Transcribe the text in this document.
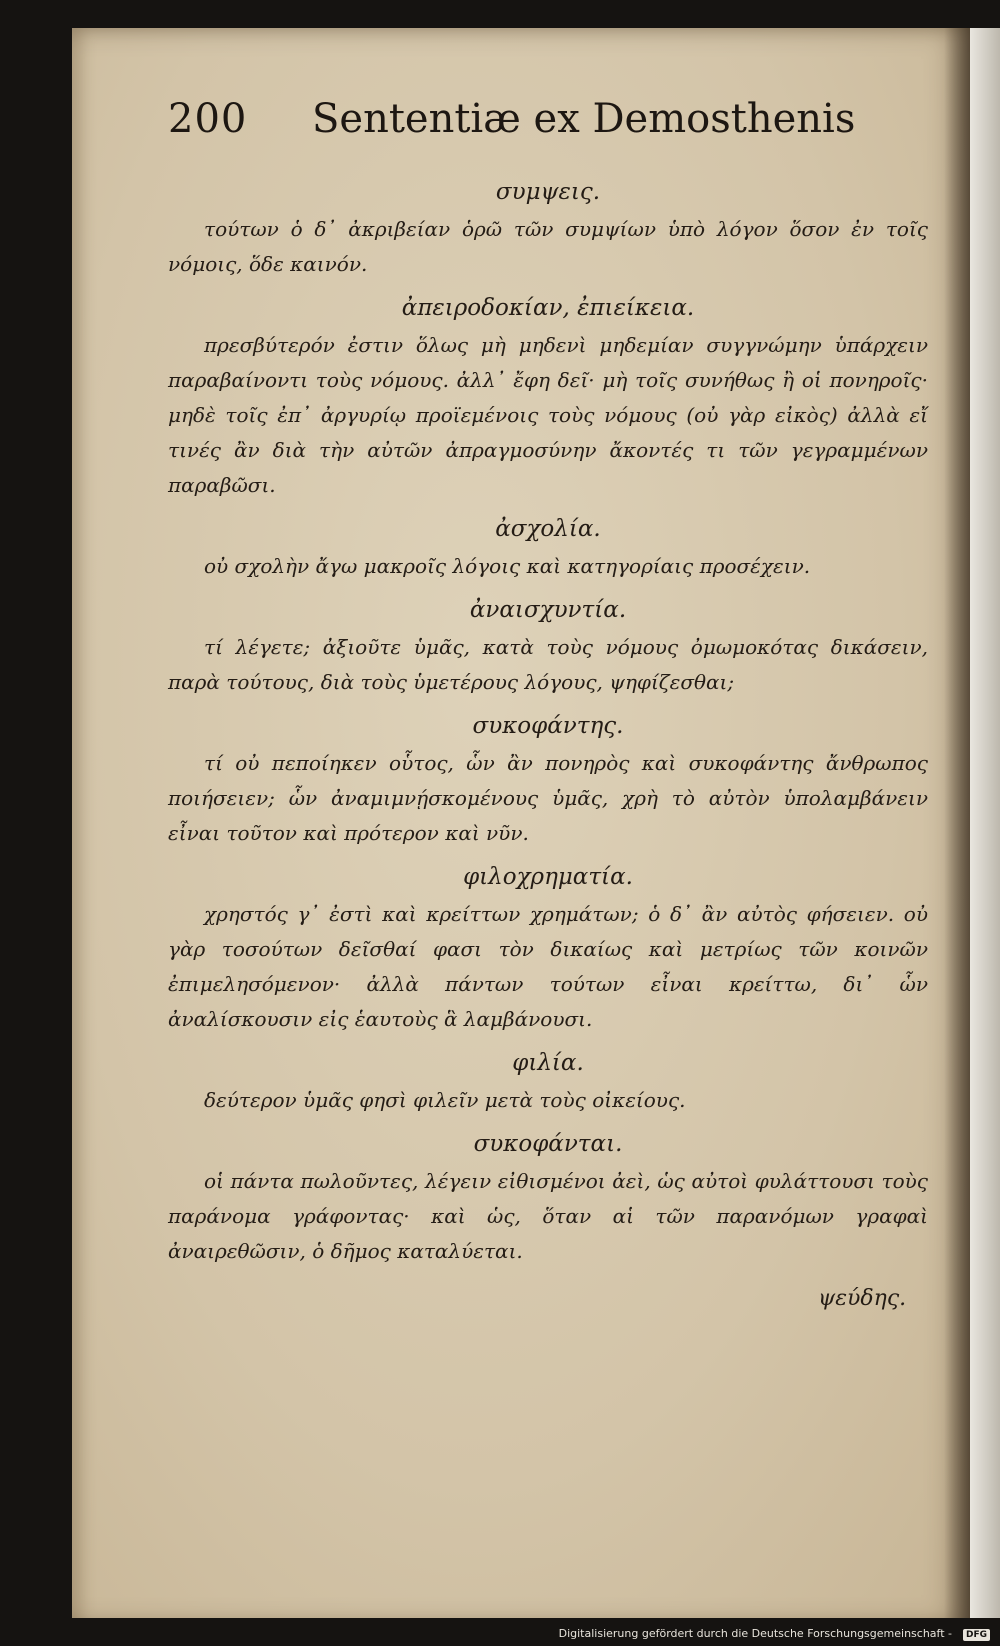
200 Sententiæ ex Demosthenis
συμψεις.

τούτων ὁ δ᾽ ἀκριβείαν ὁρῶ τῶν συμψίων ὑπὸ λόγον ὅσον ἐν τοῖς νόμοις, ὅδε καινόν.

ἀπειροδοκίαν, ἐπιείκεια.

πρεσβύτερόν ἐστιν ὅλως μὴ μηδενὶ μηδεμίαν συγγνώμην ὑπάρχειν παραβαίνοντι τοὺς νόμους. ἀλλ᾽ ἔφη δεῖ· μὴ τοῖς συνήθως ἢ οἱ πονηροῖς· μηδὲ τοῖς ἐπ᾽ ἀργυρίῳ προϊεμένοις τοὺς νόμους (οὐ γὰρ εἰκὸς) ἀλλὰ εἴ τινές ἂν διὰ τὴν αὐτῶν ἀπραγμοσύνην ἄκοντές τι τῶν γεγραμμένων παραβῶσι.

ἀσχολία.

οὐ σχολὴν ἄγω μακροῖς λόγοις καὶ κατηγορίαις προσέχειν.

ἀναισχυντία.

τί λέγετε; ἀξιοῦτε ὑμᾶς, κατὰ τοὺς νόμους ὀμωμοκότας δικάσειν, παρὰ τούτους, διὰ τοὺς ὑμετέρους λόγους, ψηφίζεσθαι;

συκοφάντης.

τί οὐ πεποίηκεν οὗτος, ὧν ἂν πονηρὸς καὶ συκοφάντης ἄνθρωπος ποιήσειεν; ὧν ἀναμιμνῄσκομένους ὑμᾶς, χρὴ τὸ αὐτὸν ὑπολαμβάνειν εἶναι τοῦτον καὶ πρότερον καὶ νῦν.

φιλοχρηματία.

χρηστός γ᾽ ἐστὶ καὶ κρείττων χρημάτων; ὁ δ᾽ ἂν αὐτὸς φήσειεν. οὐ γὰρ τοσούτων δεῖσθαί φασι τὸν δικαίως καὶ μετρίως τῶν κοινῶν ἐπιμελησόμενον· ἀλλὰ πάντων τούτων εἶναι κρείττω, δι᾽ ὧν ἀναλίσκουσιν εἰς ἑαυτοὺς ἃ λαμβάνουσι.

φιλία.

δεύτερον ὑμᾶς φησὶ φιλεῖν μετὰ τοὺς οἰκείους.

συκοφάνται.

οἱ πάντα πωλοῦντες, λέγειν εἰθισμένοι ἀεὶ, ὡς αὐτοὶ φυλάττουσι τοὺς παράνομα γράφοντας· καὶ ὡς, ὅταν αἱ τῶν παρανόμων γραφαὶ ἀναιρεθῶσιν, ὁ δῆμος καταλύεται.

ψεύδης.
Digitalisierung gefördert durch die Deutsche Forschungsgemeinschaft -	DFG
